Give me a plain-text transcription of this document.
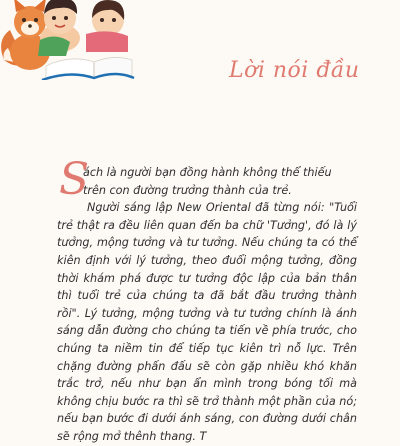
Lời nói đầu

S
ách là người bạn đồng hành không thể thiếu trên con đường trưởng thành của trẻ.

Người sáng lập New Oriental đã từng nói: "Tuổi trẻ thật ra đều liên quan đến ba chữ 'Tưởng', đó là lý tưởng, mộng tưởng và tư tưởng. Nếu chúng ta có thể kiên định với lý tưởng, theo đuổi mộng tưởng, đồng thời khám phá được tư tưởng độc lập của bản thân thì tuổi trẻ của chúng ta đã bắt đầu trưởng thành rồi". Lý tưởng, mộng tưởng và tư tưởng chính là ánh sáng dẫn đường cho chúng ta tiến về phía trước, cho chúng ta niềm tin để tiếp tục kiên trì nỗ lực. Trên chặng đường phấn đấu sẽ còn gặp nhiều khó khăn trắc trở, nếu như bạn ẩn mình trong bóng tối mà không chịu bước ra thì sẽ trở thành một phần của nó; nếu bạn bước đi dưới ánh sáng, con đường dưới chân sẽ rộng mở thênh thang. T
